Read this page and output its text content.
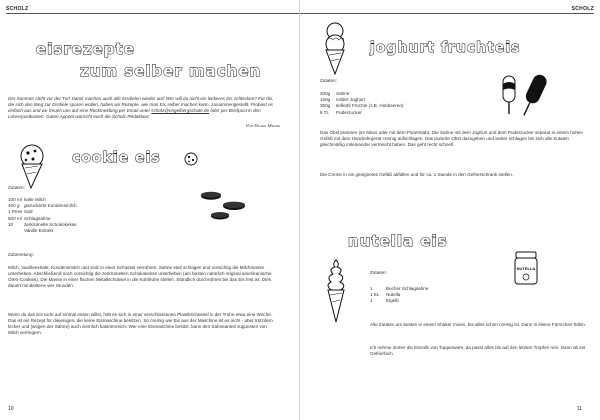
SCHOLZ
eisrezepte
zum selber machen
Der Sommer steht vor der Tür! Damit machen auch alle Eisdielen wieder auf! Wer will da nicht ein leckeres Eis schlecken? Für dis, die sich den Weg zur Eisdiele sparen wollen, haben wir Rezepte, wie man Eis selber machen kann, zusammengestellt. Probiert es einfach aus und wir freuen uns auf eine Rückmeldung per Email unter scholz@engelbergschule.de oder per Briefpost in den Lehrerpostkasten. Guten Appetit wünscht euch die Scholz-Redaktion!
Von Dilara Melike
cookie eis
Zutaten:
100 ml kalte Milch
400 g gezuckerte Kondensmilch
1 Prise Salz
500 ml Schlagsahne
10	zerkrümelte Schokokekse
Vanille Extrakt
Zubereitung:
Milch, Vanilleextrakt, Kondensmilch und Salz in einer Schüssel verrühren. Sahne steif schlagen und vorsichtig die Milchmasse unterheben. Abschließend noch vorsichtig die zerkrümelten Schokokekse unterheben (am besten natürlich original amerikanische Oreo-Cookies). Die Masse in einer flachen Metallschüssel in die Kühltruhe stellen. Stündlich durchrühren bis das Eis fest ist. Dies dauert mindestens vier Stunden.
Wenn du das Eis nicht auf einmal essen willst, hält es sich in einer verschlossenen Plastikschüssel in der Truhe etwa eine Woche. Das ist ein Rezept für diejenigen, die keine Eismaschine besitzen. So cremig wie Eis aus der Maschine ist es nicht - aber trotzdem lecker und (wegen der Sahne) auch ziemlich kalorienreich. Wer eine Eismaschine besitzt, kann den Sahneanteil zugunsten von Milch verringern.
10
SCHOLZ
joghurt fruchteis
Zutaten:
200g	Sahne
150g	milder Joghurt
350g	tiefkühl Früchte (z.B. Himbeeren)
8 TL	Puderzucker
Das Obst pürieren (im Mixer oder mit dem Pürierstab). Die Sahne mit dem Joghurt und dem Puderzucker separat in einem hohen Gefäß mit dem Handrührgerät cremig aufschlagen. Das pürierte Obst dazugeben und weiter schlagen bis sich alle Zutaten gleichmäßig miteinander vermischt haben. Das geht recht schnell.
Die Creme in ein geeignetes Gefäß abfüllen und für ca. 1 Stunde in den Gefrierschrank stellen.
nutella eis
NUTELLA
Zutaten:
1	Becher Schlagsahne
1 EL	Nutella
1	Eigelb
Alle Zutaten am besten in einem Shaker mixen, bis alles schön cremig ist. Dann in kleine Förmchen füllen.
Ich nehme immer die Eisrolls von Tupperware, da passt alles bis auf den letzten Tropfen rein. Dann ab ins Gefrierfach.
11
